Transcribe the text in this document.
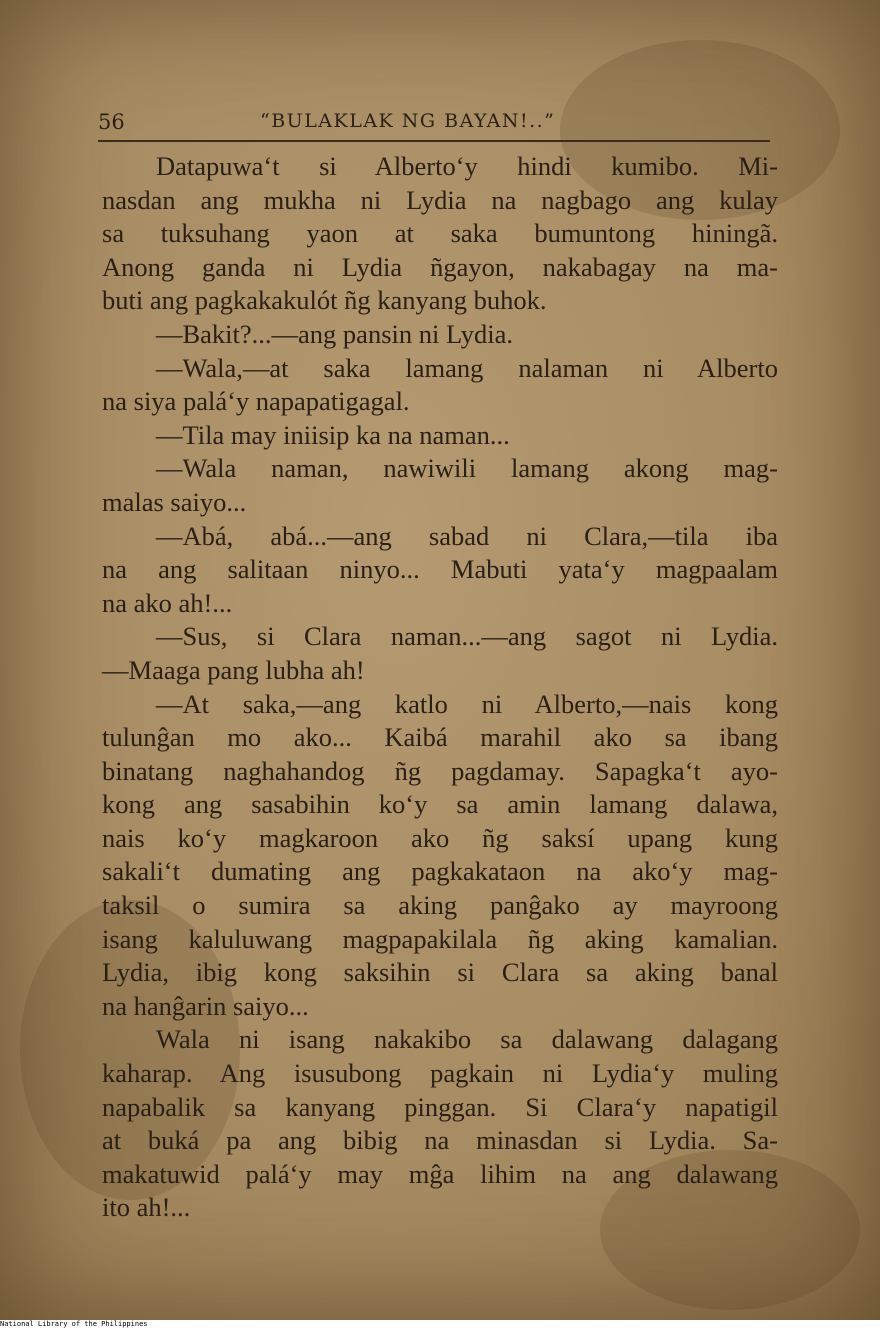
56	“BULAKLAK NG BAYAN!..”
Datapuwa‘t si Alberto‘y hindi kumibo. Mi-
nasdan ang mukha ni Lydia na nagbago ang kulay
sa tuksuhang yaon at saka bumuntong hiningã.
Anong ganda ni Lydia ñgayon, nakabagay na ma-
buti ang pagkakakulót ñg kanyang buhok.
—Bakit?...—ang pansin ni Lydia.
—Wala,—at saka lamang nalaman ni Alberto
na siya palá‘y napapatigagal.
—Tila may iniisip ka na naman...
—Wala naman, nawiwili lamang akong mag-
malas saiyo...
—Abá, abá...—ang sabad ni Clara,—tila iba
na ang salitaan ninyo... Mabuti yata‘y magpaalam
na ako ah!...
—Sus, si Clara naman...—ang sagot ni Lydia.
—Maaga pang lubha ah!
—At saka,—ang katlo ni Alberto,—nais kong
tulunĝan mo ako... Kaibá marahil ako sa ibang
binatang naghahandog ñg pagdamay. Sapagka‘t ayo-
kong ang sasabihin ko‘y sa amin lamang dalawa,
nais ko‘y magkaroon ako ñg saksí upang kung
sakali‘t dumating ang pagkakataon na ako‘y mag-
taksil o sumira sa aking panĝako ay mayroong
isang kaluluwang magpapakilala ñg aking kamalian.
Lydia, ibig kong saksihin si Clara sa aking banal
na hanĝarin saiyo...
Wala ni isang nakakibo sa dalawang dalagang
kaharap. Ang isusubong pagkain ni Lydia‘y muling
napabalik sa kanyang pinggan. Si Clara‘y napatigil
at buká pa ang bibig na minasdan si Lydia. Sa-
makatuwid palá‘y may mĝa lihim na ang dalawang
ito ah!...
National Library of the Philippines
